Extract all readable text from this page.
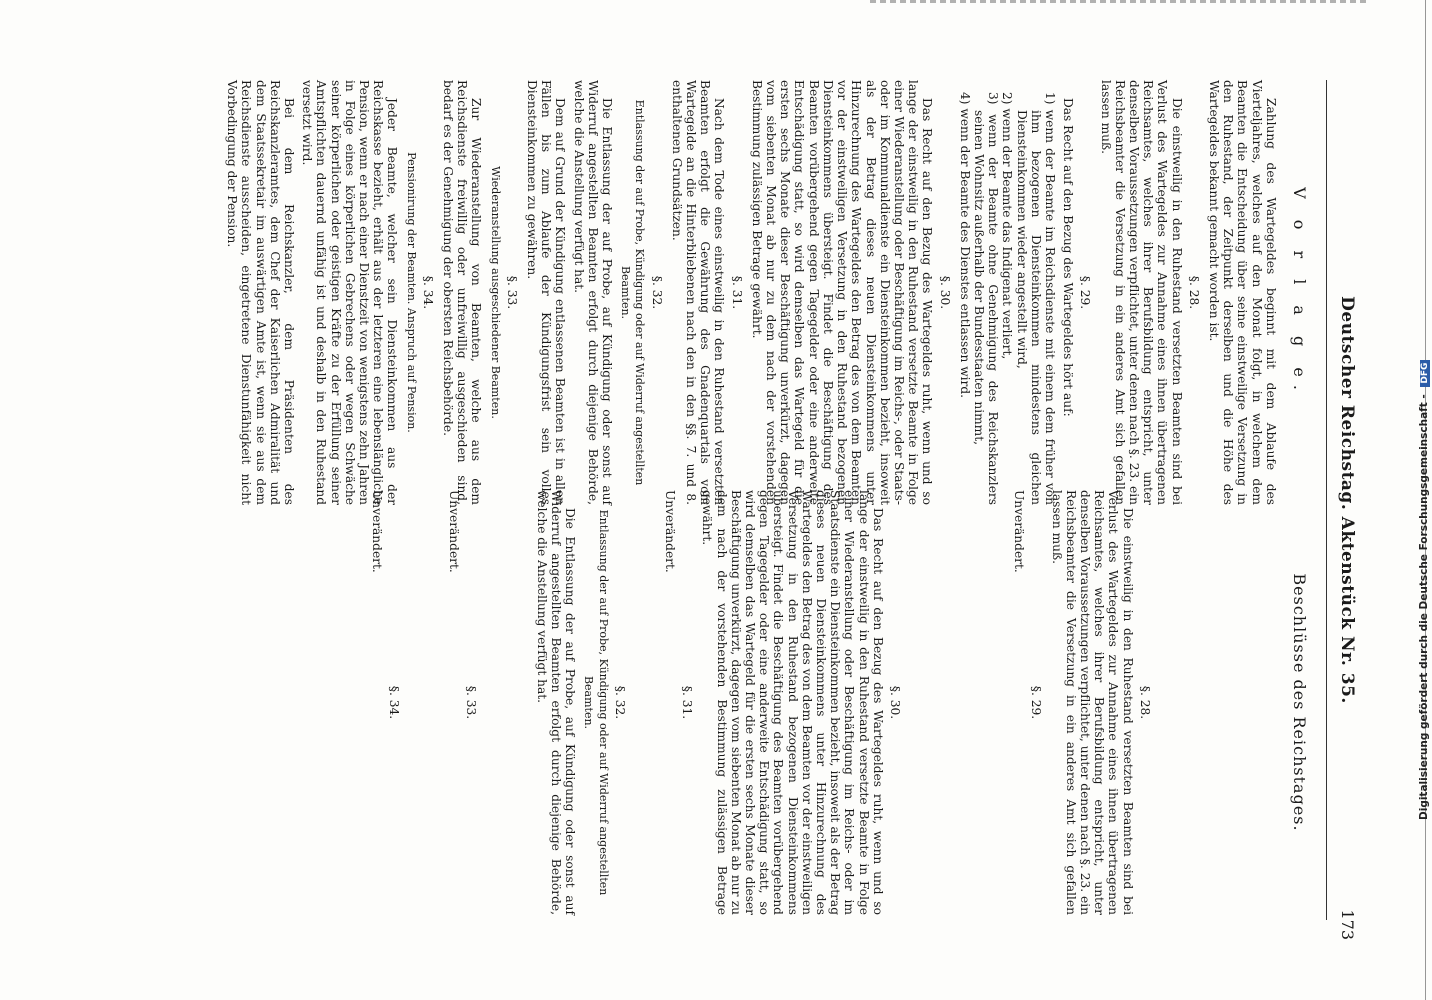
Deutscher Reichstag. Aktenstück Nr. 35.
173
V o r l a g e.

Zahlung des Wartegeldes beginnt mit dem Ablaufe des Vierteljahres, welches auf den Monat folgt, in welchem dem Beamten die Entscheidung über seine einstweilige Versetzung in den Ruhestand, der Zeitpunkt derselben und die Höhe des Wartegeldes bekannt gemacht worden ist.

§. 28.

Die einstweilig in den Ruhestand versetzten Beamten sind bei Verlust des Wartegeldes zur Annahme eines ihnen übertragenen Reichsamtes, welches ihrer Berufsbildung entspricht, unter denselben Voraussetzungen verpflichtet, unter denen nach §. 23. ein Reichsbeamter die Versetzung in ein anderes Amt sich gefallen lassen muß.

§. 29.

Das Recht auf den Bezug des Wartegeldes hört auf:

1) wenn der Beamte im Reichsdienste mit einem dem früher von ihm bezogenen Diensteinkommen mindestens gleichen Diensteinkommen wieder angestellt wird,

2) wenn der Beamte das Indigenat verliert,

3) wenn der Beamte ohne Genehmigung des Reichskanzlers seinen Wohnsitz außerhalb der Bundesstaaten nimmt,

4) wenn der Beamte des Dienstes entlassen wird.

§. 30.

Das Recht auf den Bezug des Wartegeldes ruht, wenn und so lange der einstweilig in den Ruhestand versetzte Beamte in Folge einer Wiederanstellung oder Beschäftigung im Reichs-, oder Staats- oder im Kommunaldienste ein Diensteinkommen bezieht, insoweit als der Betrag dieses neuen Diensteinkommens unter Hinzurechnung des Wartegeldes den Betrag des von dem Beamten vor der einstweiligen Versetzung in den Ruhestand bezogenen Diensteinkommens übersteigt. Findet die Beschäftigung des Beamten vorübergehend gegen Tagegelder oder eine anderweite Entschädigung statt, so wird demselben das Wartegeld für die ersten sechs Monate dieser Beschäftigung unverkürzt, dagegen vom siebenten Monat ab nur zu dem nach der vorstehenden Bestimmung zulässigen Betrage gewährt.

§. 31.

Nach dem Tode eines einstweilig in den Ruhestand versetzten Beamten erfolgt die Gewährung des Gnadenquartals vom Wartegelde an die Hinterbliebenen nach den in den §§. 7. und 8. enthaltenen Grundsätzen.

§. 32.
Entlassung der auf Probe, Kündigung oder auf Widerruf angestellten Beamten.

Die Entlassung der auf Probe, auf Kündigung oder sonst auf Widerruf angestellten Beamten erfolgt durch diejenige Behörde, welche die Anstellung verfügt hat.

Dem auf Grund der Kündigung entlassenen Beamten ist in allen Fällen bis zum Ablaufe der Kündigungsfrist sein volles Diensteinkommen zu gewähren.

§. 33.
Wiederanstellung ausgeschiedener Beamten.

Zur Wiederanstellung von Beamten, welche aus dem Reichsdienste freiwillig oder unfreiwillig ausgeschieden sind, bedarf es der Genehmigung der obersten Reichsbehörde.

§. 34.
Pensionirung der Beamten. Anspruch auf Pension.

Jeder Beamte, welcher sein Diensteinkommen aus der Reichskasse bezieht, erhält aus der letzteren eine lebenslängliche Pension, wenn er nach einer Dienstzeit von wenigstens zehn Jahren in Folge eines körperlichen Gebrechens oder wegen Schwäche seiner körperlichen oder geistigen Kräfte zu der Erfüllung seiner Amtspflichten dauernd unfähig ist und deshalb in den Ruhestand versetzt wird.

Bei dem Reichskanzler, dem Präsidenten des Reichskanzleramtes, dem Chef der Kaiserlichen Admiralität und dem Staatssekretair im auswärtigen Amte ist, wenn sie aus dem Reichsdienste ausscheiden, eingetretene Dienstunfähigkeit nicht Vorbedingung der Pension.

Beschlüsse des Reichstages.
§. 28.

Die einstweilig in den Ruhestand versetzten Beamten sind bei Verlust des Wartegeldes zur Annahme eines ihnen übertragenen Reichsamtes, welches ihrer Berufsbildung entspricht, unter denselben Voraussetzungen verpflichtet, unter denen nach §. 23. ein Reichsbeamter die Versetzung in ein anderes Amt sich gefallen lassen muß.

§. 29.

Unverändert.

§. 30.

Das Recht auf den Bezug des Wartegeldes ruht, wenn und so lange der einstweilig in den Ruhestand versetzte Beamte in Folge einer Wiederanstellung oder Beschäftigung im Reichs- oder im Staatsdienste ein Diensteinkommen bezieht, insoweit als der Betrag dieses neuen Diensteinkommens unter Hinzurechnung des Wartegeldes den Betrag des von dem Beamten vor der einstweiligen Versetzung in den Ruhestand bezogenen Diensteinkommens übersteigt. Findet die Beschäftigung des Beamten vorübergehend gegen Tagegelder oder eine anderweite Entschädigung statt, so wird demselben das Wartegeld für die ersten sechs Monate dieser Beschäftigung unverkürzt, dagegen vom siebenten Monat ab nur zu dem nach der vorstehenden Bestimmung zulässigen Betrage gewährt.

§. 31.

Unverändert.

§. 32.
Entlassung der auf Probe, Kündigung oder auf Widerruf angestellten Beamten.

Die Entlassung der auf Probe, auf Kündigung oder sonst auf Widerruf angestellten Beamten erfolgt durch diejenige Behörde, welche die Anstellung verfügt hat.

§. 33.

Unverändert.

§. 34.

Unverändert.	Digitalisierung gefördert durch die Deutsche Forschungsgemeinschaft - DFG
